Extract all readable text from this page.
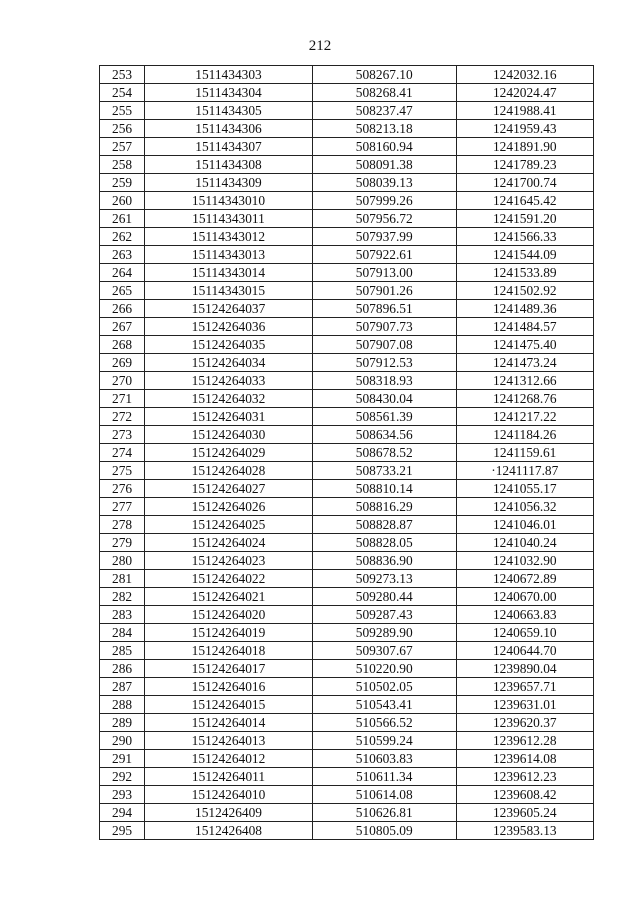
212
253	1511434303	508267.10	1242032.16
254	1511434304	508268.41	1242024.47
255	1511434305	508237.47	1241988.41
256	1511434306	508213.18	1241959.43
257	1511434307	508160.94	1241891.90
258	1511434308	508091.38	1241789.23
259	1511434309	508039.13	1241700.74
260	15114343010	507999.26	1241645.42
261	15114343011	507956.72	1241591.20
262	15114343012	507937.99	1241566.33
263	15114343013	507922.61	1241544.09
264	15114343014	507913.00	1241533.89
265	15114343015	507901.26	1241502.92
266	15124264037	507896.51	1241489.36
267	15124264036	507907.73	1241484.57
268	15124264035	507907.08	1241475.40
269	15124264034	507912.53	1241473.24
270	15124264033	508318.93	1241312.66
271	15124264032	508430.04	1241268.76
272	15124264031	508561.39	1241217.22
273	15124264030	508634.56	1241184.26
274	15124264029	508678.52	1241159.61
275	15124264028	508733.21	·1241117.87
276	15124264027	508810.14	1241055.17
277	15124264026	508816.29	1241056.32
278	15124264025	508828.87	1241046.01
279	15124264024	508828.05	1241040.24
280	15124264023	508836.90	1241032.90
281	15124264022	509273.13	1240672.89
282	15124264021	509280.44	1240670.00
283	15124264020	509287.43	1240663.83
284	15124264019	509289.90	1240659.10
285	15124264018	509307.67	1240644.70
286	15124264017	510220.90	1239890.04
287	15124264016	510502.05	1239657.71
288	15124264015	510543.41	1239631.01
289	15124264014	510566.52	1239620.37
290	15124264013	510599.24	1239612.28
291	15124264012	510603.83	1239614.08
292	15124264011	510611.34	1239612.23
293	15124264010	510614.08	1239608.42
294	1512426409	510626.81	1239605.24
295	1512426408	510805.09	1239583.13
